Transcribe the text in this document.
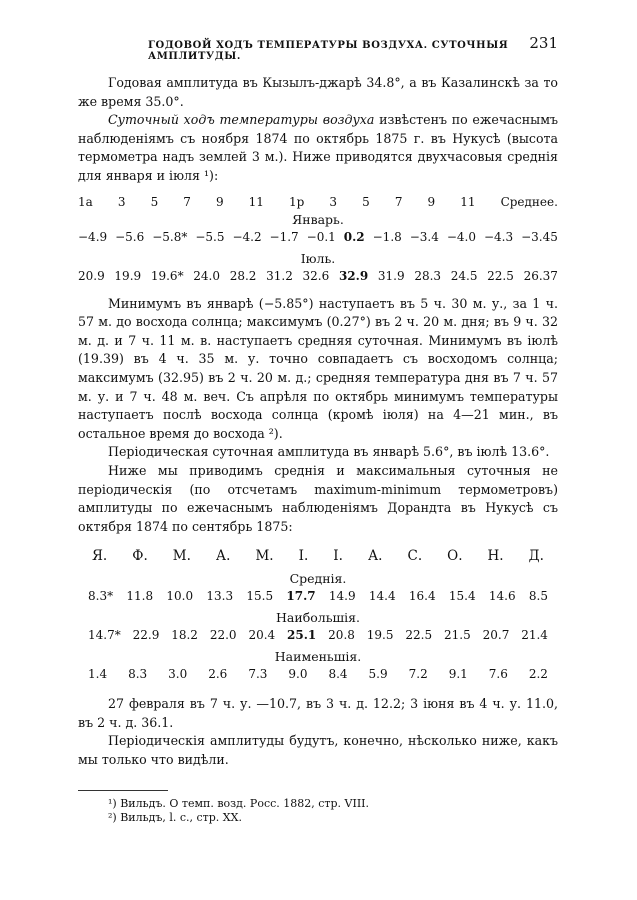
ГОДОВОЙ ХОДЪ ТЕМПЕРАТУРЫ ВОЗДУХА. СУТОЧНЫЯ АМПЛИТУДЫ.
231

Годовая амплитуда въ Кызылъ-джарѣ 34.8°, а въ Казалинскѣ за то же время 35.0°.

Суточный ходъ температуры воздуха извѣстенъ по ежечаснымъ наблюденіямъ съ ноября 1874 по октябрь 1875 г. въ Нукусѣ (высота термометра надъ землей 3 м.). Ниже приводятся двухчасовыя среднія для января и іюля ¹):

1a 3 5 7 9 11 1p 3 5 7 9 11 Среднее.
Январь.
−4.9 −5.6 −5.8* −5.5 −4.2 −1.7 −0.1 0.2 −1.8 −3.4 −4.0 −4.3 −3.45
Іюль.
20.9 19.9 19.6* 24.0 28.2 31.2 32.6 32.9 31.9 28.3 24.5 22.5 26.37

Минимумъ въ январѣ (−5.85°) наступаетъ въ 5 ч. 30 м. у., за 1 ч. 57 м. до восхода солнца; максимумъ (0.27°) въ 2 ч. 20 м. дня; въ 9 ч. 32 м. д. и 7 ч. 11 м. в. наступаетъ средняя суточная. Минимумъ въ іюлѣ (19.39) въ 4 ч. 35 м. у. точно совпадаетъ съ восходомъ солнца; максимумъ (32.95) въ 2 ч. 20 м. д.; средняя температура дня въ 7 ч. 57 м. у. и 7 ч. 48 м. веч. Съ апрѣля по октябрь минимумъ температуры наступаетъ послѣ восхода солнца (кромѣ іюля) на 4—21 мин., въ остальное время до восхода ²).

Періодическая суточная амплитуда въ январѣ 5.6°, въ іюлѣ 13.6°.

Ниже мы приводимъ среднія и максимальныя суточныя не періодическія (по отсчетамъ maximum-minimum термометровъ) амплитуды по ежечаснымъ наблюденіямъ Дорандта въ Нукусѣ съ октября 1874 по сентябрь 1875:

Я. Ф. М. А. М. І. І. А. С. О. Н. Д.
Среднія.
8.3* 11.8 10.0 13.3 15.5 17.7 14.9 14.4 16.4 15.4 14.6 8.5
Наибольшія.
14.7* 22.9 18.2 22.0 20.4 25.1 20.8 19.5 22.5 21.5 20.7 21.4
Наименьшія.
1.4 8.3 3.0 2.6 7.3 9.0 8.4 5.9 7.2 9.1 7.6 2.2

27 февраля въ 7 ч. у. —10.7, въ 3 ч. д. 12.2; 3 іюня въ 4 ч. у. 11.0, въ 2 ч. д. 36.1.

Періодическія амплитуды будутъ, конечно, нѣсколько ниже, какъ мы только что видѣли.

¹) Вильдъ. О темп. возд. Росс. 1882, стр. VIII.
²) Вильдъ, l. c., стр. XX.
